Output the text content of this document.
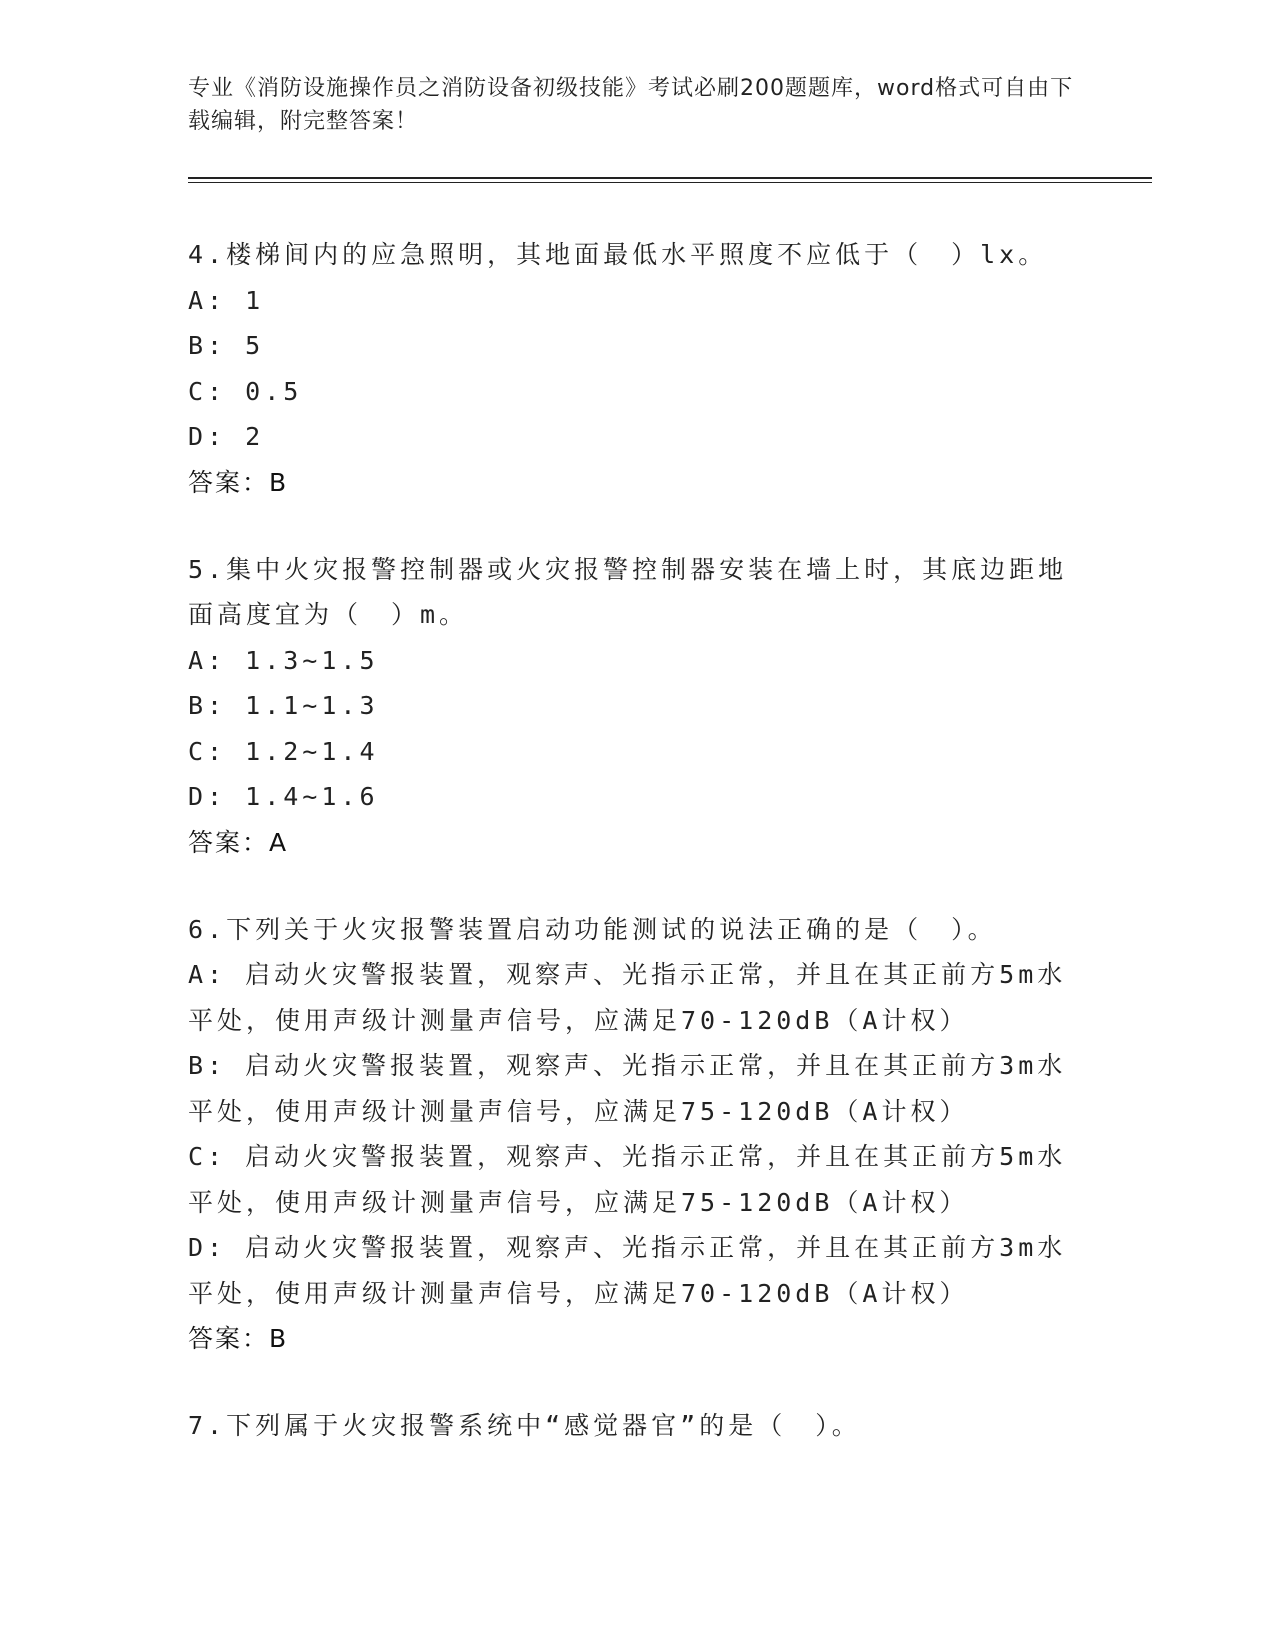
专业《消防设施操作员之消防设备初级技能》考试必刷200题题库，word格式可自由下载编辑，附完整答案！

4.楼梯间内的应急照明，其地面最低水平照度不应低于（　）lx。

A: 1

B: 5

C: 0.5

D: 2

答案：B

5.集中火灾报警控制器或火灾报警控制器安装在墙上时，其底边距地面高度宜为（　）m。

A: 1.3~1.5

B: 1.1~1.3

C: 1.2~1.4

D: 1.4~1.6

答案：A

6.下列关于火灾报警装置启动功能测试的说法正确的是（　）。

A: 启动火灾警报装置，观察声、光指示正常，并且在其正前方5m水平处，使用声级计测量声信号，应满足70-120dB（A计权）

B: 启动火灾警报装置，观察声、光指示正常，并且在其正前方3m水平处，使用声级计测量声信号，应满足75-120dB（A计权）

C: 启动火灾警报装置，观察声、光指示正常，并且在其正前方5m水平处，使用声级计测量声信号，应满足75-120dB（A计权）

D: 启动火灾警报装置，观察声、光指示正常，并且在其正前方3m水平处，使用声级计测量声信号，应满足70-120dB（A计权）

答案：B

7.下列属于火灾报警系统中“感觉器官”的是（　）。
